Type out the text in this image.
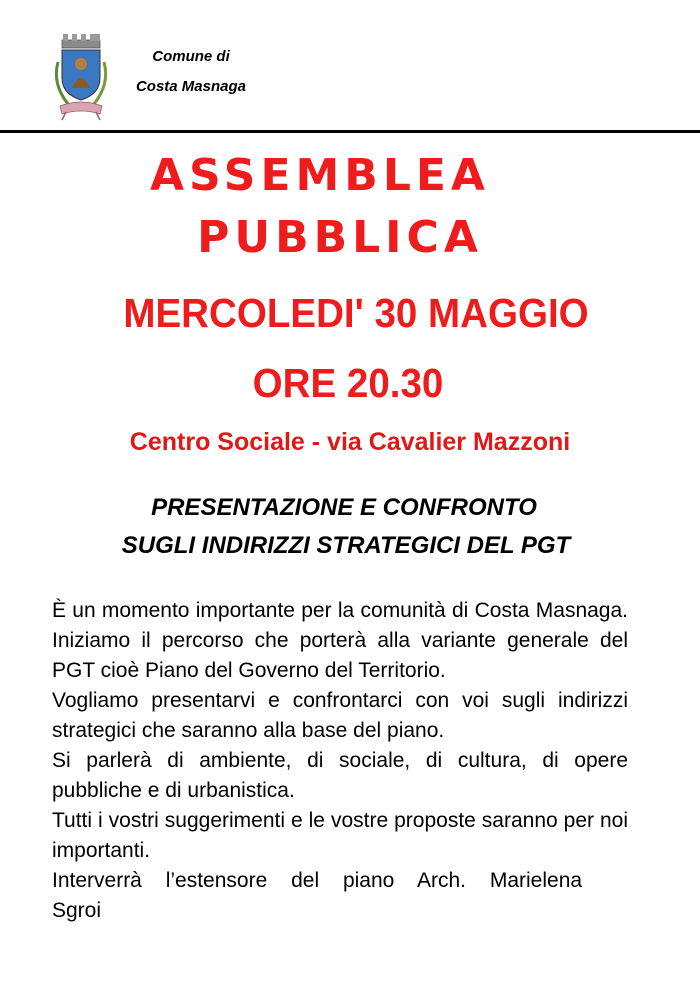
Comune di
Costa Masnaga
ASSEMBLEA
PUBBLICA
MERCOLEDI' 30 MAGGIO
ORE 20.30
Centro Sociale - via Cavalier Mazzoni
PRESENTAZIONE E CONFRONTO
SUGLI INDIRIZZI STRATEGICI DEL PGT

È un momento importante per la comunità di Costa Masnaga. Iniziamo il percorso che porterà alla variante generale del PGT cioè Piano del Governo del Territorio.

Vogliamo presentarvi e confrontarci con voi sugli indirizzi strategici che saranno alla base del piano.

Si parlerà di ambiente, di sociale, di cultura, di opere pubbliche e di urbanistica.

Tutti i vostri suggerimenti e le vostre proposte saranno per noi importanti.

Interverrà l’estensore del piano Arch. Marielena Sgroi
